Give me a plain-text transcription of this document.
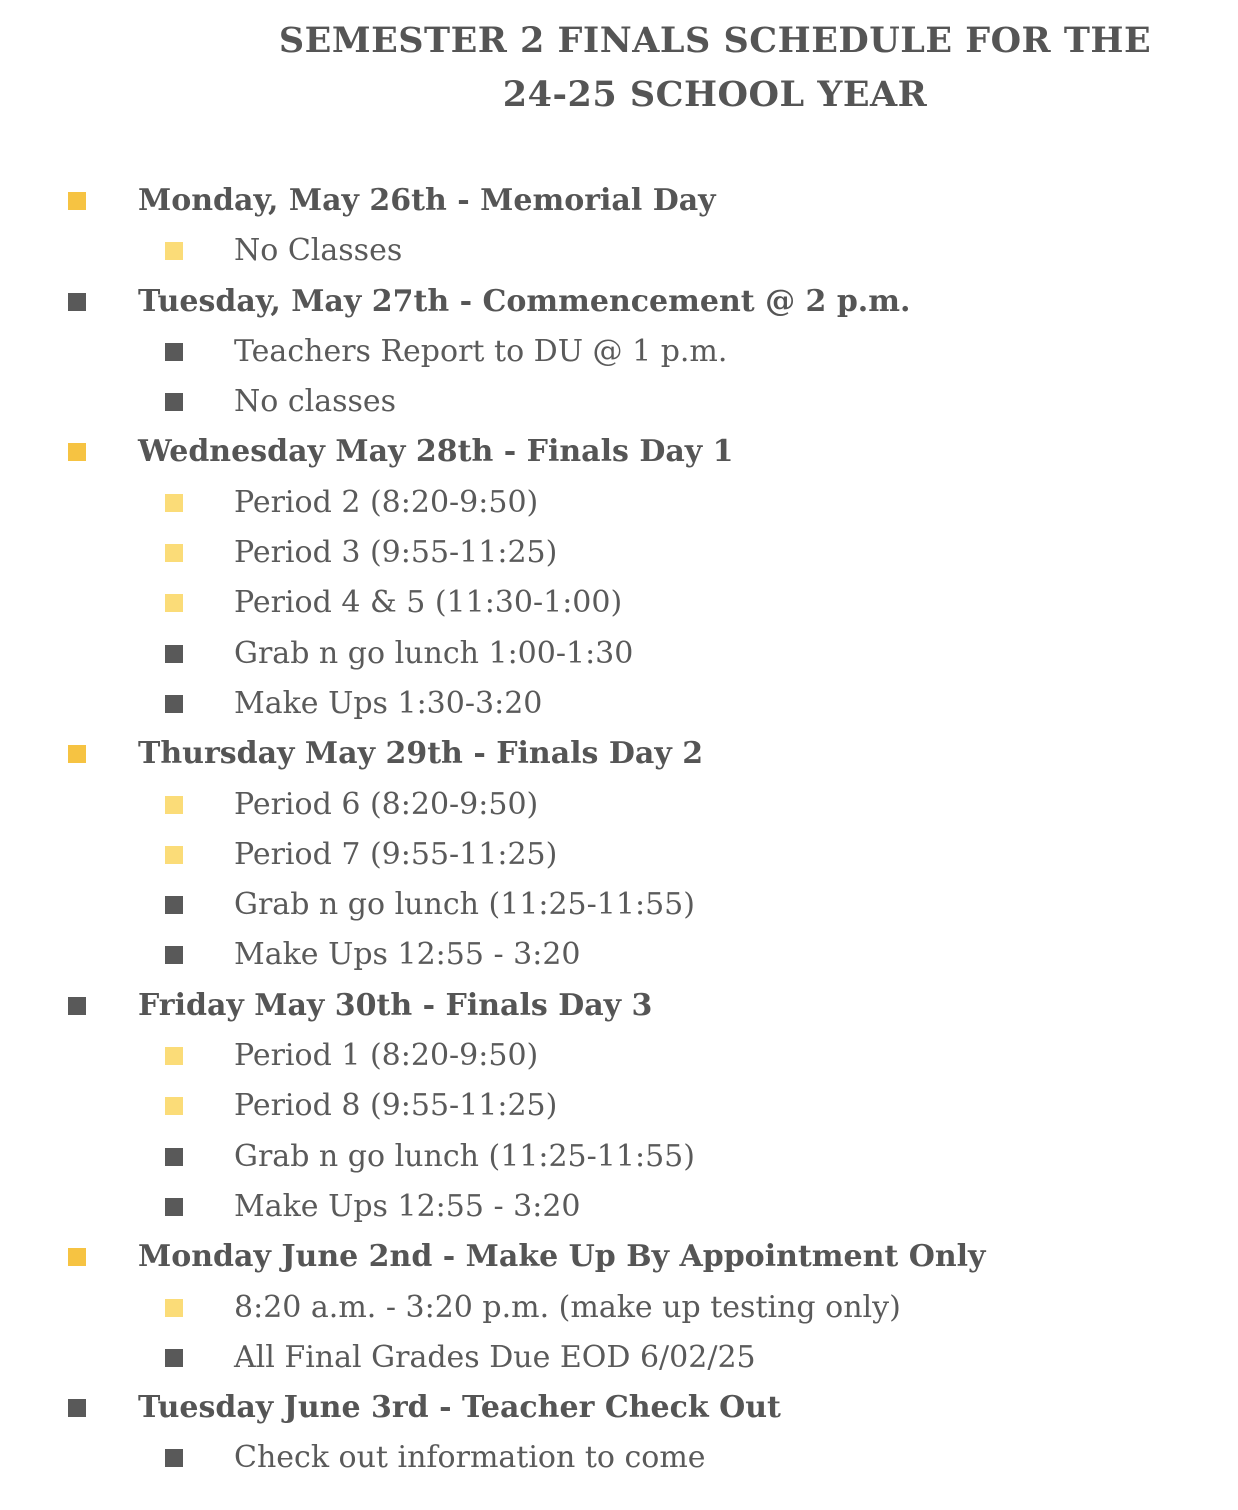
SEMESTER 2 FINALS SCHEDULE FOR THE
24-25 SCHOOL YEAR
Monday, May 26th - Memorial Day
No Classes
Tuesday, May 27th - Commencement @ 2 p.m.
Teachers Report to DU @ 1 p.m.
No classes
Wednesday May 28th - Finals Day 1
Period 2 (8:20-9:50)
Period 3 (9:55-11:25)
Period 4 & 5 (11:30-1:00)
Grab n go lunch 1:00-1:30
Make Ups 1:30-3:20
Thursday May 29th - Finals Day 2
Period 6 (8:20-9:50)
Period 7 (9:55-11:25)
Grab n go lunch (11:25-11:55)
Make Ups 12:55 - 3:20
Friday May 30th - Finals Day 3
Period 1 (8:20-9:50)
Period 8 (9:55-11:25)
Grab n go lunch (11:25-11:55)
Make Ups 12:55 - 3:20
Monday June 2nd - Make Up By Appointment Only
8:20 a.m. - 3:20 p.m. (make up testing only)
All Final Grades Due EOD 6/02/25
Tuesday June 3rd - Teacher Check Out
Check out information to come
